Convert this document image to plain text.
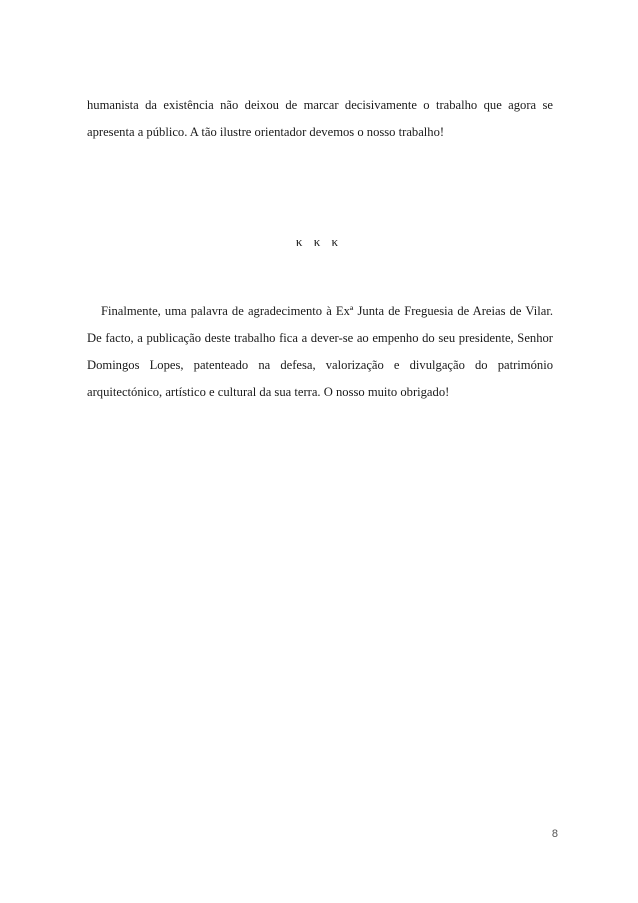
humanista da existência não deixou de marcar decisivamente o trabalho que agora se apresenta a público. A tão ilustre orientador devemos o nosso trabalho!

κ κ κ

Finalmente, uma palavra de agradecimento à Exª Junta de Freguesia de Areias de Vilar. De facto, a publicação deste trabalho fica a dever-se ao empenho do seu presidente, Senhor Domingos Lopes, patenteado na defesa, valorização e divulgação do património arquitectónico, artístico e cultural da sua terra. O nosso muito obrigado!

8
